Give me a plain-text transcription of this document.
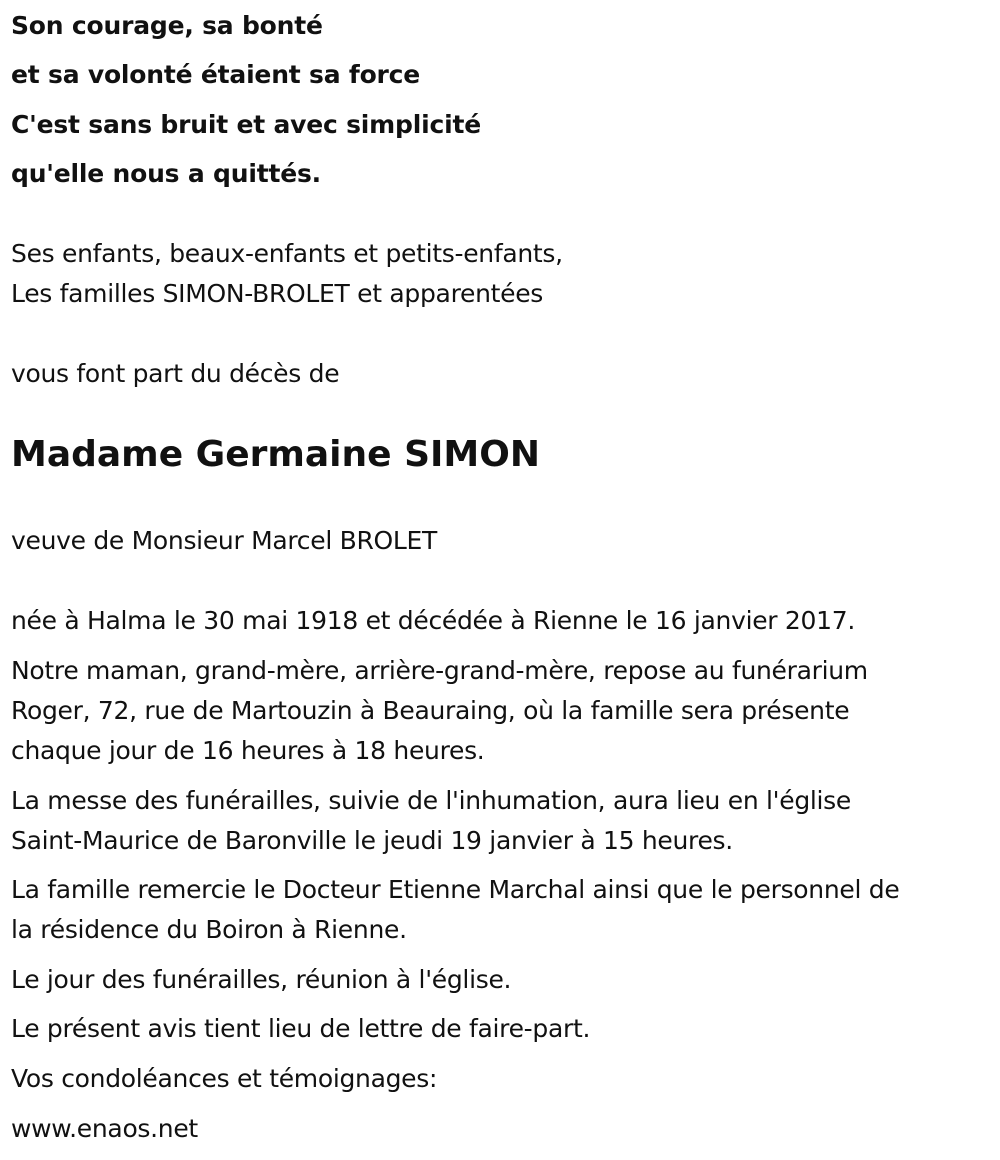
Son courage, sa bonté
et sa volonté étaient sa force
C'est sans bruit et avec simplicité
qu'elle nous a quittés.
Ses enfants, beaux-enfants et petits-enfants,
Les familles SIMON-BROLET et apparentées
vous font part du décès de
Madame Germaine SIMON
veuve de Monsieur Marcel BROLET
née à Halma le 30 mai 1918 et décédée à Rienne le 16 janvier 2017.
Notre maman, grand-mère, arrière-grand-mère, repose au funérarium
Roger, 72, rue de Martouzin à Beauraing, où la famille sera présente
chaque jour de 16 heures à 18 heures.
La messe des funérailles, suivie de l'inhumation, aura lieu en l'église
Saint-Maurice de Baronville le jeudi 19 janvier à 15 heures.
La famille remercie le Docteur Etienne Marchal ainsi que le personnel de
la résidence du Boiron à Rienne.
Le jour des funérailles, réunion à l'église.
Le présent avis tient lieu de lettre de faire-part.
Vos condoléances et témoignages:
www.enaos.net
